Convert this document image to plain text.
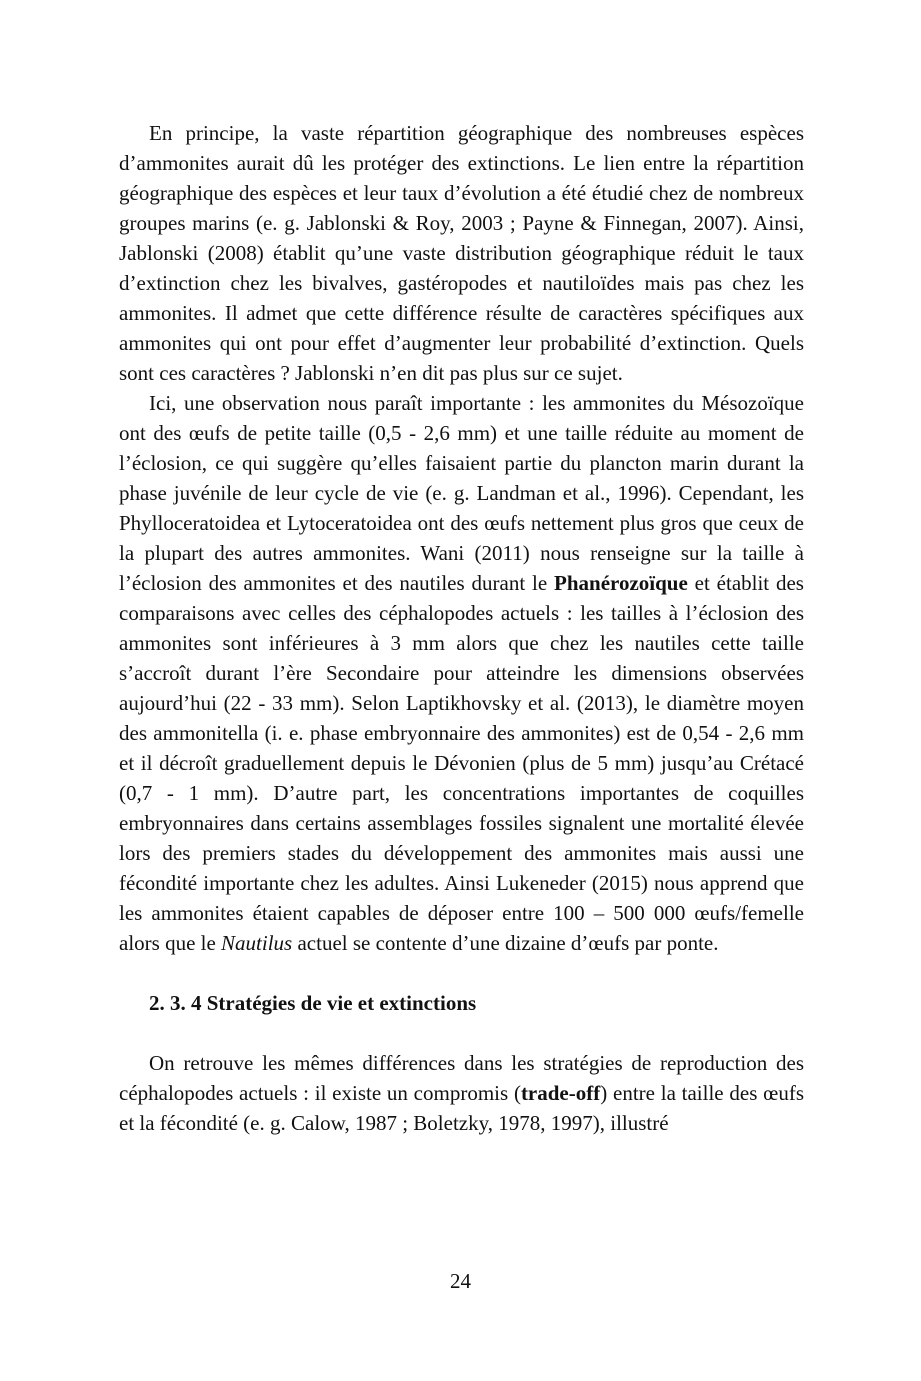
En principe, la vaste répartition géographique des nombreuses espèces d’ammonites aurait dû les protéger des extinctions. Le lien entre la répartition géographique des espèces et leur taux d’évolution a été étudié chez de nombreux groupes marins (e. g. Jablonski & Roy, 2003 ; Payne & Finnegan, 2007). Ainsi, Jablonski (2008) établit qu’une vaste distribution géographique réduit le taux d’extinction chez les bivalves, gastéropodes et nautiloïdes mais pas chez les ammonites. Il admet que cette différence résulte de caractères spécifiques aux ammonites qui ont pour effet d’augmenter leur probabilité d’extinction. Quels sont ces caractères ? Jablonski n’en dit pas plus sur ce sujet.

Ici, une observation nous paraît importante : les ammonites du Mésozoïque ont des œufs de petite taille (0,5 - 2,6 mm) et une taille réduite au moment de l’éclosion, ce qui suggère qu’elles faisaient partie du plancton marin durant la phase juvénile de leur cycle de vie (e. g. Landman et al., 1996). Cependant, les Phylloceratoidea et Lytoceratoidea ont des œufs nettement plus gros que ceux de la plupart des autres ammonites. Wani (2011) nous renseigne sur la taille à l’éclosion des ammonites et des nautiles durant le Phanérozoïque et établit des comparaisons avec celles des céphalopodes actuels : les tailles à l’éclosion des ammonites sont inférieures à 3 mm alors que chez les nautiles cette taille s’accroît durant l’ère Secondaire pour atteindre les dimensions observées aujourd’hui (22 - 33 mm). Selon Laptikhovsky et al. (2013), le diamètre moyen des ammonitella (i. e. phase embryonnaire des ammonites) est de 0,54 - 2,6 mm et il décroît graduellement depuis le Dévonien (plus de 5 mm) jusqu’au Crétacé (0,7 - 1 mm). D’autre part, les concentrations importantes de coquilles embryonnaires dans certains assemblages fossiles signalent une mortalité élevée lors des premiers stades du développement des ammonites mais aussi une fécondité importante chez les adultes. Ainsi Lukeneder (2015) nous apprend que les ammonites étaient capables de déposer entre 100 – 500 000 œufs/femelle alors que le Nautilus actuel se contente d’une dizaine d’œufs par ponte.

2. 3. 4 Stratégies de vie et extinctions

On retrouve les mêmes différences dans les stratégies de reproduction des céphalopodes actuels : il existe un compromis (trade-off) entre la taille des œufs et la fécondité (e. g. Calow, 1987 ; Boletzky, 1978, 1997), illustré

24
